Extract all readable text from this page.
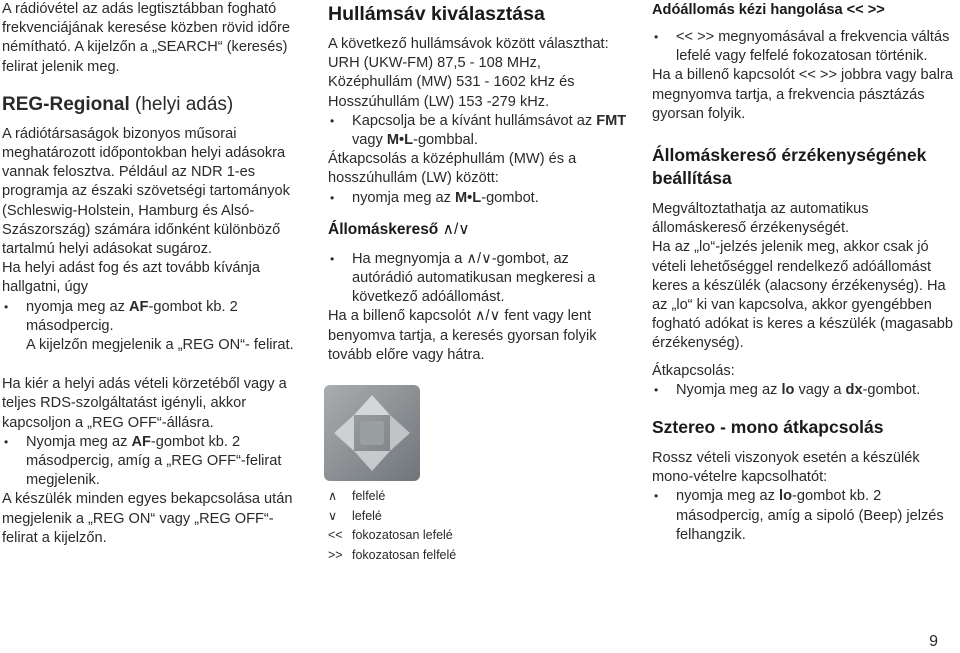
A rádióvétel az adás legtisztábban fogható frekvenciájának keresése közben rövid időre némítható. A kijelzőn a „SEARCH“ (keresés) felirat jelenik meg.

REG-Regional (helyi adás)

A rádiótársaságok bizonyos műsorai meghatározott időpontokban helyi adásokra vannak felosztva. Például az NDR 1-es programja az északi szövetségi tartományok (Schleswig-Holstein, Hamburg és Alsó-Szászország) számára időnként különböző tartalmú helyi adásokat sugároz.

Ha helyi adást fog és azt tovább kívánja hallgatni, úgy

• nyomja meg az AF-gombot kb. 2 másodpercig.
A kijelzőn megjelenik a „REG ON“- felirat.

Ha kiér a helyi adás vételi körzetéből vagy a teljes RDS-szolgáltatást igényli, akkor kapcsoljon a „REG OFF“-állásra.

• Nyomja meg az AF-gombot kb. 2 másodpercig, amíg a „REG OFF“-felirat megjelenik.

A készülék minden egyes bekapcsolása után megjelenik a „REG ON“ vagy „REG OFF“-felirat a kijelzőn.

Hullámsáv kiválasztása

A következő hullámsávok között választhat:

URH (UKW-FM) 87,5 - 108 MHz, Középhullám (MW) 531 - 1602 kHz és Hosszúhullám (LW) 153 -279 kHz.

• Kapcsolja be a kívánt hullámsávot az FMT vagy M•L-gombbal.

Átkapcsolás a középhullám (MW) és a hosszúhullám (LW) között:

• nyomja meg az M•L-gombot.

Állomáskereső ∧/∨

• Ha megnyomja a ∧/∨-gombot, az autórádió automatikusan megkeresi a következő adóállomást.

Ha a billenő kapcsolót ∧/∨ fent vagy lent benyomva tartja, a keresés gyorsan folyik tovább előre vagy hátra.

∧ felfelé

∨ lefelé

<< fokozatosan lefelé

>> fokozatosan felfelé

Adóállomás kézi hangolása << >>

• << >> megnyomásával a frekvencia váltás lefelé vagy felfelé fokozatosan történik.

Ha a billenő kapcsolót << >> jobbra vagy balra megnyomva tartja, a frekvencia pásztázás gyorsan folyik.

Állomáskereső érzékenységének beállítása

Megváltoztathatja az automatikus állomáskereső érzékenységét.

Ha az „lo“-jelzés jelenik meg, akkor csak jó vételi lehetőséggel rendelkező adóállomást keres a készülék (alacsony érzékenység). Ha az „lo“ ki van kapcsolva, akkor gyengébben fogható adókat is keres a készülék (magasabb érzékenység).

Átkapcsolás:

• Nyomja meg az lo vagy a dx-gombot.

Sztereo - mono átkapcsolás

Rossz vételi viszonyok esetén a készülék mono-vételre kapcsolhatót:

• nyomja meg az lo-gombot kb. 2 másodpercig, amíg a sipoló (Beep) jelzés felhangzik.
9
